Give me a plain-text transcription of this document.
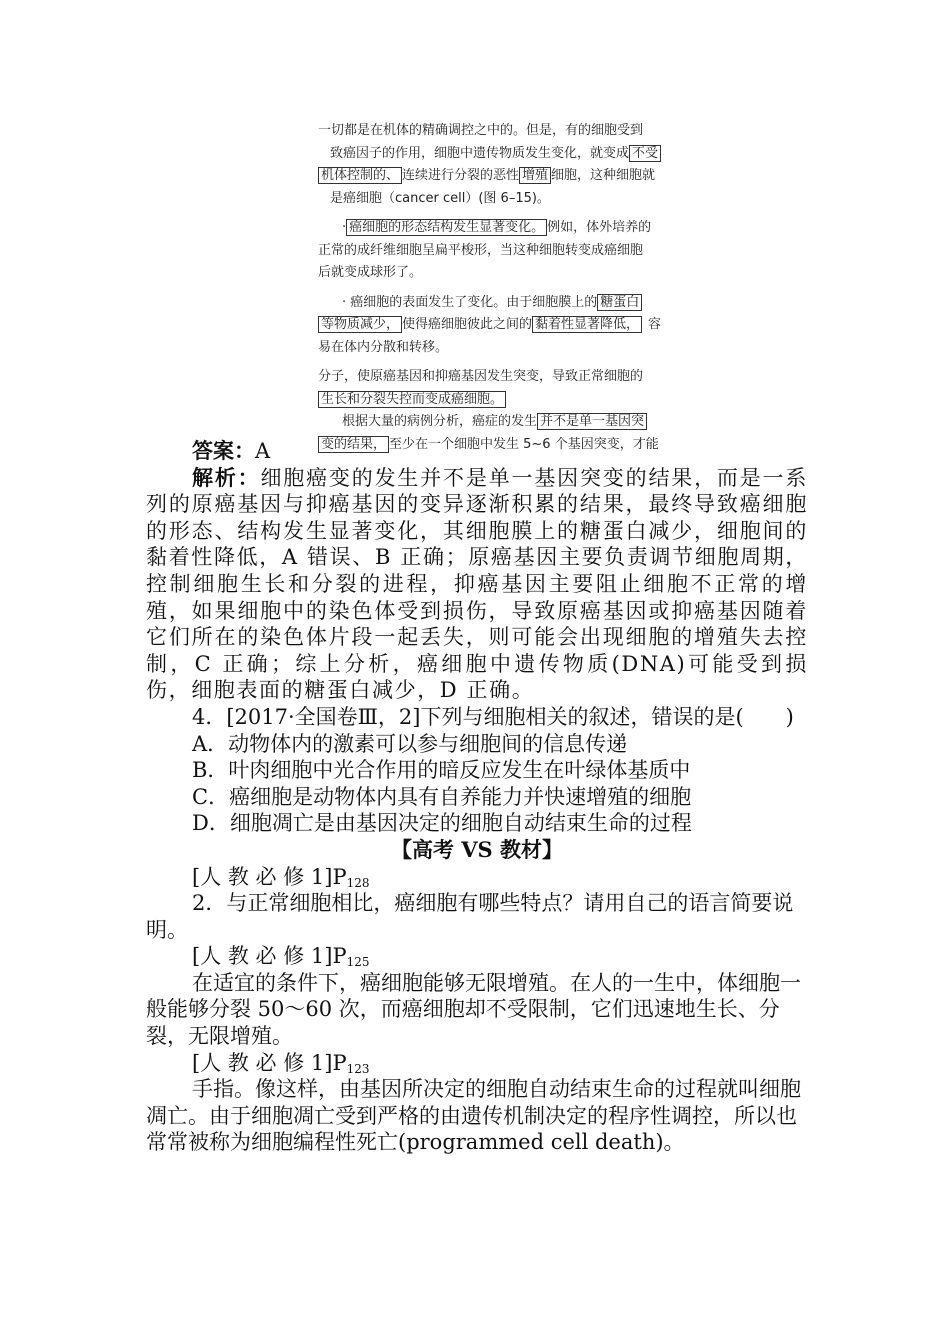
一切都是在机体的精确调控之中的。但是，有的细胞受到
致癌因子的作用，细胞中遗传物质发生变化，就变成 不受
机体控制的、 连续进行分裂的恶性 增殖 细胞，这种细胞就
是癌细胞（cancer cell）(图 6–15)。

· 癌细胞的形态结构发生显著变化。 例如，体外培养的
正常的成纤维细胞呈扁平梭形，当这种细胞转变成癌细胞
后就变成球形了。

· 癌细胞的表面发生了变化。由于细胞膜上的 糖蛋白
等物质减少， 使得癌细胞彼此之间的 黏着性显著降低， 容
易在体内分散和转移。

分子，使原癌基因和抑癌基因发生突变，导致正常细胞的
生长和分裂失控而变成癌细胞。

根据大量的病例分析，癌症的发生 并不是单一基因突
变的结果， 至少在一个细胞中发生 5~6 个基因突变，才能

答案：A

解析：细胞癌变的发生并不是单一基因突变的结果，而是一系列的原癌基因与抑癌基因的变异逐渐积累的结果，最终导致癌细胞的形态、结构发生显著变化，其细胞膜上的糖蛋白减少，细胞间的黏着性降低，A 错误、B 正确；原癌基因主要负责调节细胞周期，控制细胞生长和分裂的进程，抑癌基因主要阻止细胞不正常的增殖，如果细胞中的染色体受到损伤，导致原癌基因或抑癌基因随着它们所在的染色体片段一起丢失，则可能会出现细胞的增殖失去控制，C 正确；综上分析，癌细胞中遗传物质(DNA)可能受到损伤，细胞表面的糖蛋白减少，D 正确。

4．[2017·全国卷Ⅲ，2]下列与细胞相关的叙述，错误的是(　　)

A．动物体内的激素可以参与细胞间的信息传递

B．叶肉细胞中光合作用的暗反应发生在叶绿体基质中

C．癌细胞是动物体内具有自养能力并快速增殖的细胞

D．细胞凋亡是由基因决定的细胞自动结束生命的过程

【高考 VS 教材】

[人 教 必 修 $1]P_{128}$

2．与正常细胞相比，癌细胞有哪些特点？请用自己的语言简要说明。

[人 教 必 修 $1]P_{125}$

在适宜的条件下，癌细胞能够无限增殖。在人的一生中，体细胞一般能够分裂 50～60 次，而癌细胞却不受限制，它们迅速地生长、分裂，无限增殖。

[人 教 必 修 $1]P_{123}$

手指。像这样，由基因所决定的细胞自动结束生命的过程就叫细胞凋亡。由于细胞凋亡受到严格的由遗传机制决定的程序性调控，所以也常常被称为细胞编程性死亡(programmed cell death)。
